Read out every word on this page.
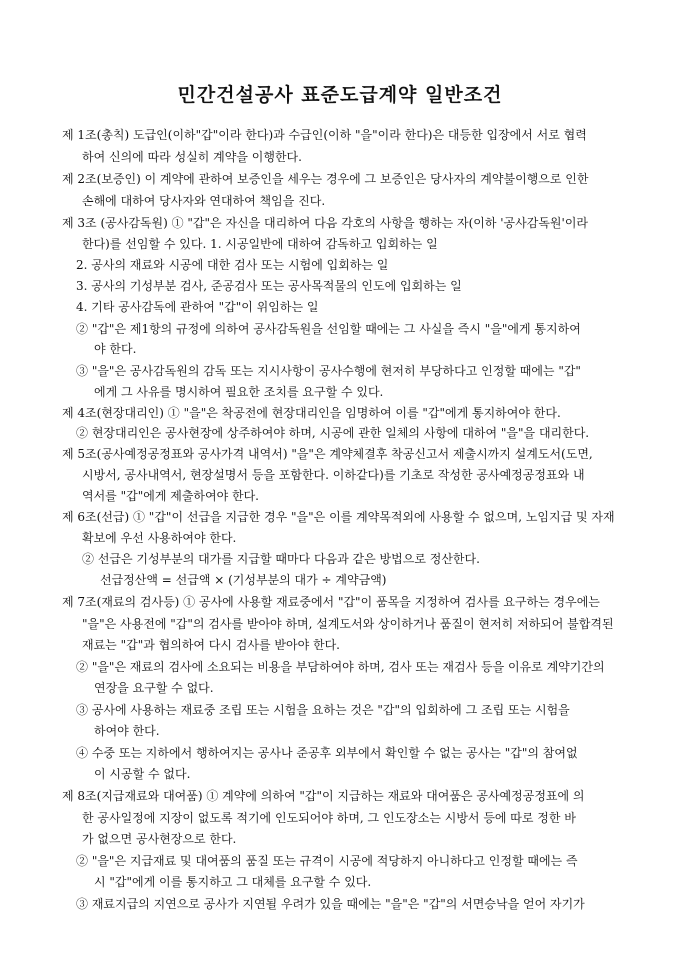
민간건설공사 표준도급계약 일반조건
제 1조(총칙) 도급인(이하"갑"이라 한다)과 수급인(이하 "을"이라 한다)은 대등한 입장에서 서로 협력
하여 신의에 따라 성실히 계약을 이행한다.
제 2조(보증인) 이 계약에 관하여 보증인을 세우는 경우에 그 보증인은 당사자의 계약불이행으로 인한
손해에 대하여 당사자와 연대하여 책임을 진다.
제 3조 (공사감독원) ① "갑"은 자신을 대리하여 다음 각호의 사항을 행하는 자(이하 '공사감독원'이라
한다)를 선임할 수 있다. 1. 시공일반에 대하여 감독하고 입회하는 일
2. 공사의 재료와 시공에 대한 검사 또는 시험에 입회하는 일
3. 공사의 기성부분 검사, 준공검사 또는 공사목적물의 인도에 입회하는 일
4. 기타 공사감독에 관하여 "갑"이 위임하는 일
② "갑"은 제1항의 규정에 의하여 공사감독원을 선임할 때에는 그 사실을 즉시 "을"에게 통지하여
야 한다.
③ "을"은 공사감독원의 감독 또는 지시사항이 공사수행에 현저히 부당하다고 인정할 때에는 "갑"
에게 그 사유를 명시하여 필요한 조치를 요구할 수 있다.
제 4조(현장대리인) ① "을"은 착공전에 현장대리인을 임명하여 이를 "갑"에게 통지하여야 한다.
② 현장대리인은 공사현장에 상주하여야 하며, 시공에 관한 일체의 사항에 대하여 "을"을 대리한다.
제 5조(공사예정공정표와 공사가격 내역서) "을"은 계약체결후 착공신고서 제출시까지 설계도서(도면,
시방서, 공사내역서, 현장설명서 등을 포함한다. 이하같다)를 기초로 작성한 공사예정공정표와 내
역서를 "갑"에게 제출하여야 한다.
제 6조(선급) ① "갑"이 선급을 지급한 경우 "을"은 이를 계약목적외에 사용할 수 없으며, 노임지급 및 자재
확보에 우선 사용하여야 한다.
② 선급은 기성부분의 대가를 지급할 때마다 다음과 같은 방법으로 정산한다.
선급정산액 = 선급액 × (기성부분의 대가 ÷ 계약금액)
제 7조(재료의 검사등) ① 공사에 사용할 재료중에서 "갑"이 품목을 지정하여 검사를 요구하는 경우에는
"을"은 사용전에 "갑"의 검사를 받아야 하며, 설계도서와 상이하거나 품질이 현저히 저하되어 불합격된
재료는 "갑"과 협의하여 다시 검사를 받아야 한다.
② "을"은 재료의 검사에 소요되는 비용을 부담하여야 하며, 검사 또는 재검사 등을 이유로 계약기간의
연장을 요구할 수 없다.
③ 공사에 사용하는 재료중 조립 또는 시험을 요하는 것은 "갑"의 입회하에 그 조립 또는 시험을
하여야 한다.
④ 수중 또는 지하에서 행하여지는 공사나 준공후 외부에서 확인할 수 없는 공사는 "갑"의 참여없
이 시공할 수 없다.
제 8조(지급재료와 대여품) ① 계약에 의하여 "갑"이 지급하는 재료와 대여품은 공사예정공정표에 의
한 공사일정에 지장이 없도록 적기에 인도되어야 하며, 그 인도장소는 시방서 등에 따로 정한 바
가 없으면 공사현장으로 한다.
② "을"은 지급재료 및 대여품의 품질 또는 규격이 시공에 적당하지 아니하다고 인정할 때에는 즉
시 "갑"에게 이를 통지하고 그 대체를 요구할 수 있다.
③ 재료지급의 지연으로 공사가 지연될 우려가 있을 때에는 "을"은 "갑"의 서면승낙을 얻어 자기가
